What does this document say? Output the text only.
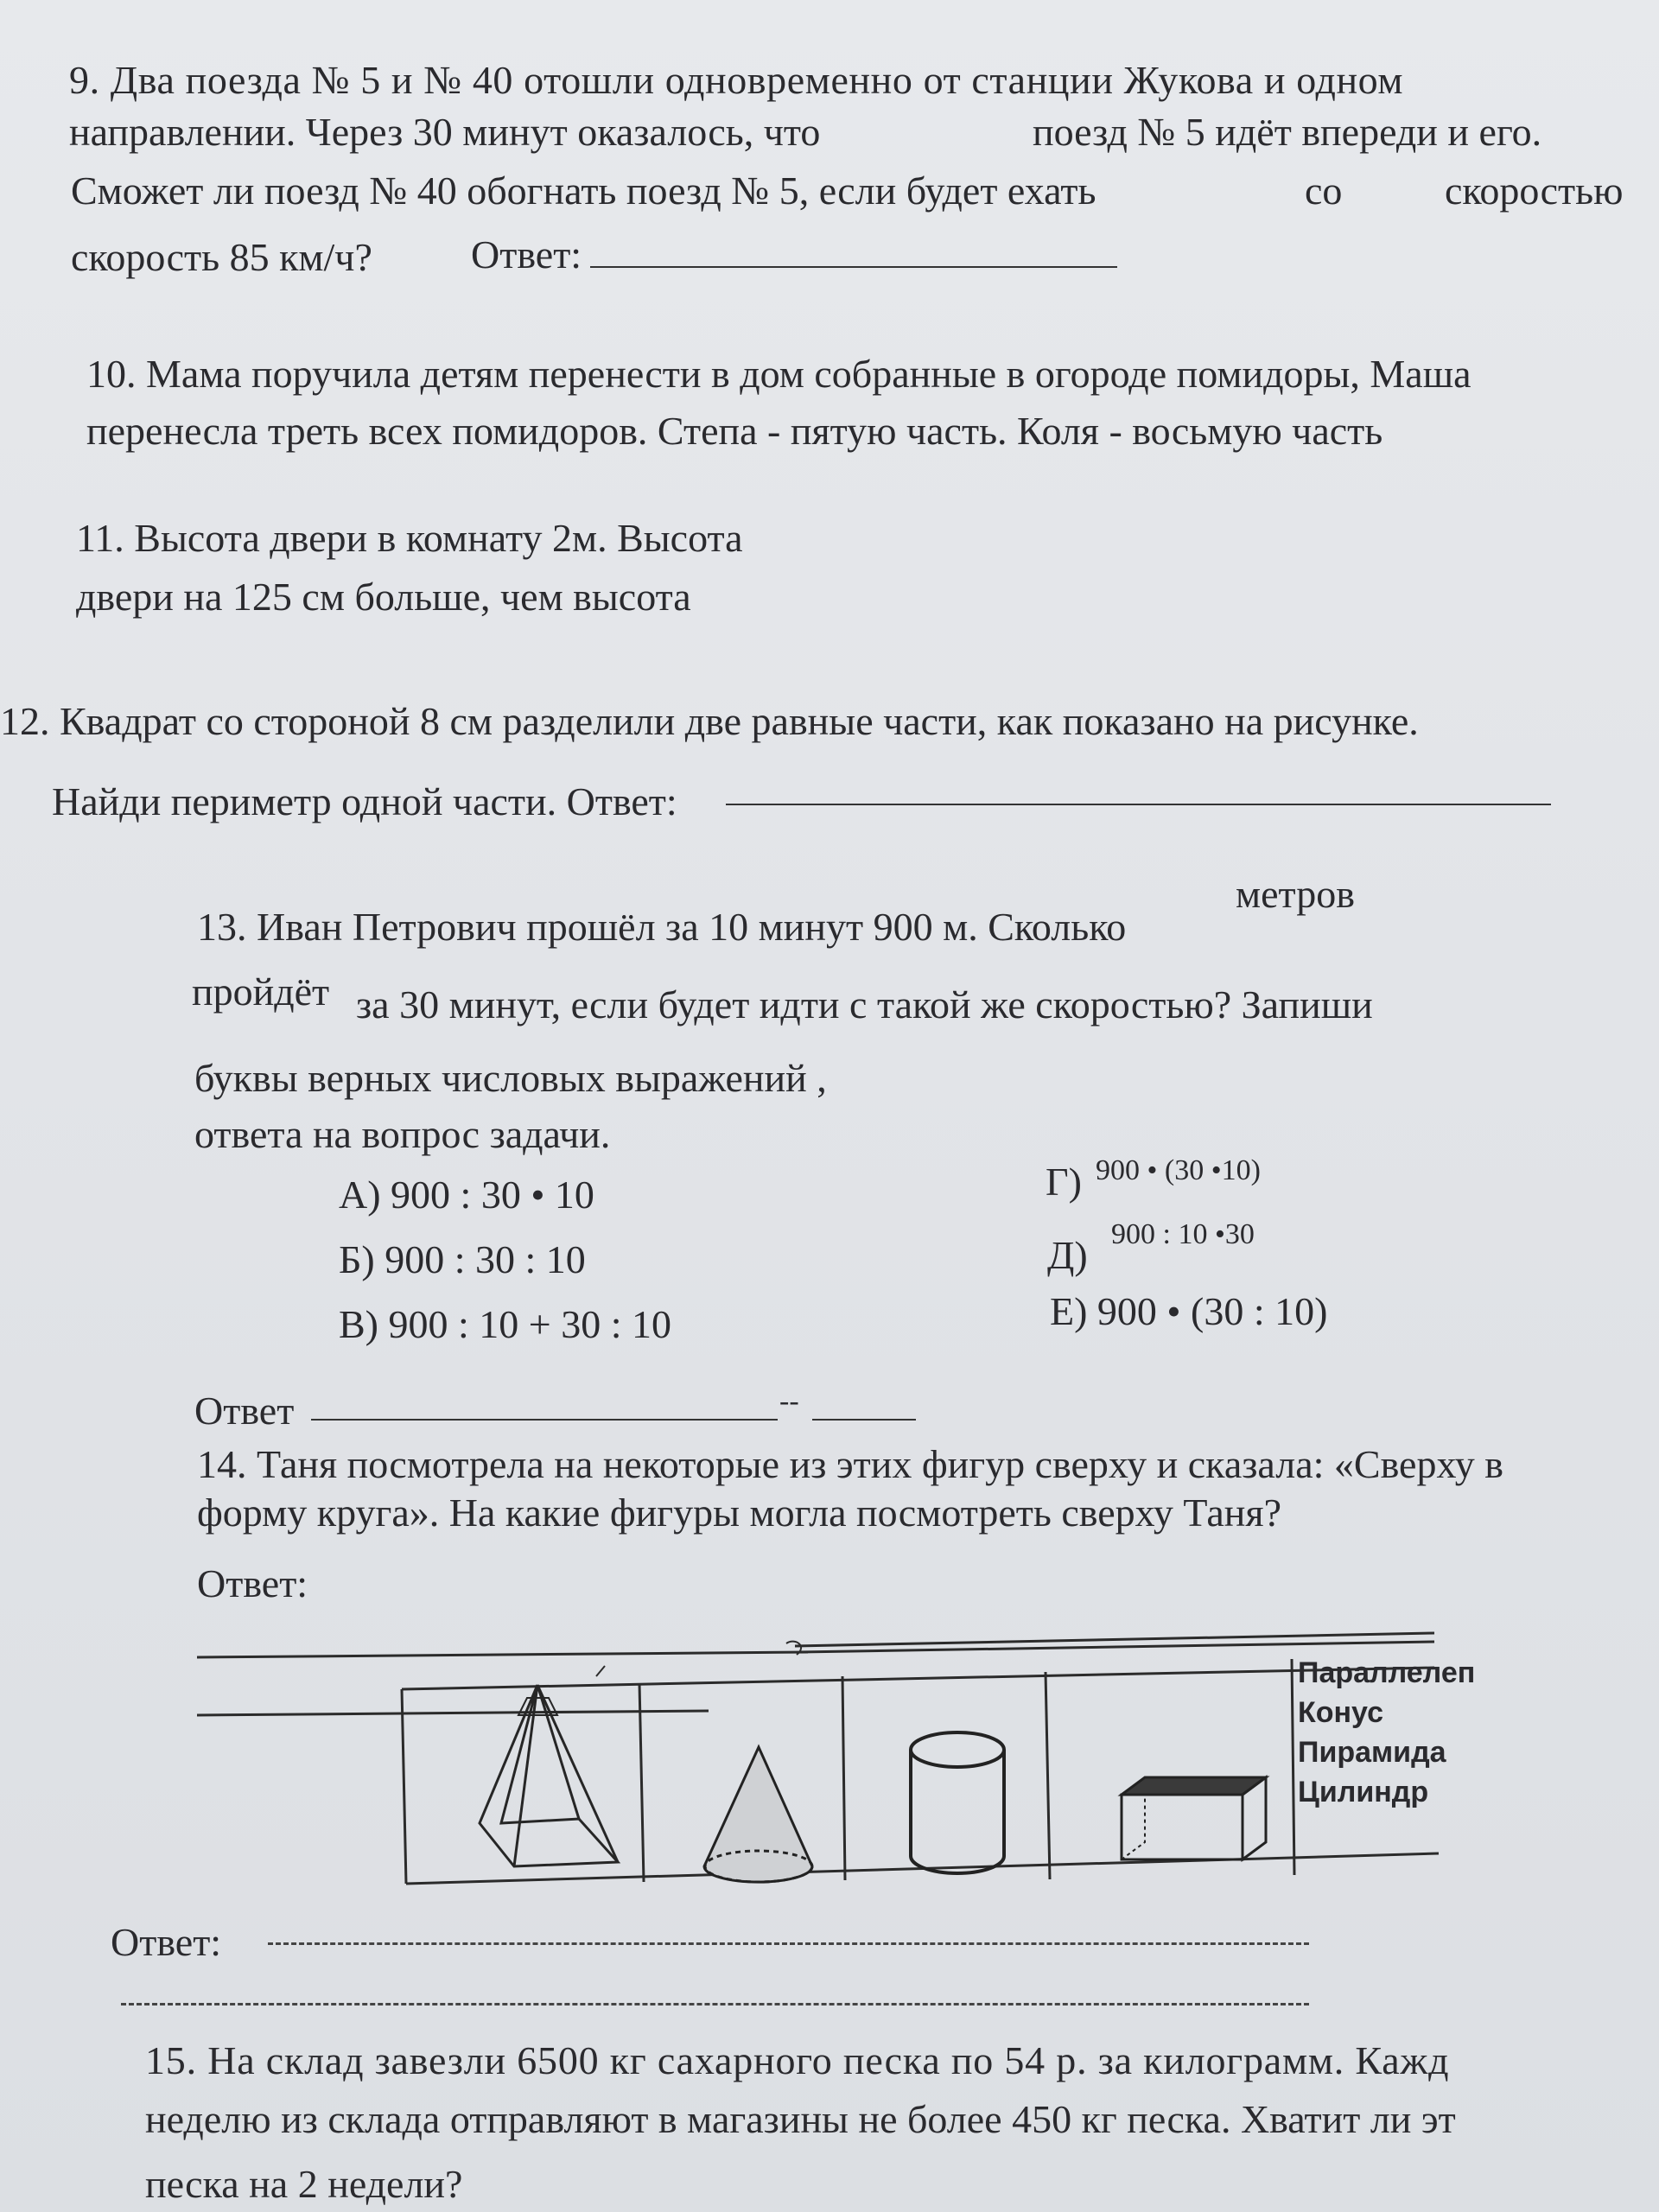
9. Два поезда № 5 и № 40 отошли одновременно от станции Жукова и одном
направлении. Через 30 минут оказалось, что	поезд № 5 идёт впереди и его.
Сможет ли поезд № 40 обогнать поезд № 5, если будет ехать	со	скоростью
скорость 85 км/ч? Ответ:
10. Мама поручила детям перенести в дом собранные в огороде помидоры, Маша
перенесла треть всех помидоров. Степа - пятую часть. Коля - восьмую часть
11. Высота двери в комнату 2м. Высота
двери на 125 см больше, чем высота
12. Квадрат со стороной 8 см разделили две равные части, как показано на рисунке.
Найди периметр одной части. Ответ:
13. Иван Петрович прошёл за 10 минут 900 м. Сколько
метров
пройдёт за 30 минут, если будет идти с такой же скоростью? Запиши
буквы верных числовых выражений ,
ответа на вопрос задачи.
А) 900 : 30 • 10
Б) 900 : 30 : 10
В) 900 : 10 + 30 : 10
Г) 900 • (30 •10)
Д) 900 : 10 •30
Е) 900 • (30 : 10)
Ответ	--
14. Таня посмотрела на некоторые из этих фигур сверху и сказала: «Сверху в
форму круга». На какие фигуры могла посмотреть сверху Таня?
Ответ:
Параллелеп
Конус
Пирамида
Цилиндр
Ответ:
15. На склад завезли 6500 кг сахарного песка по 54 р. за килограмм. Кажд
неделю из склада отправляют в магазины не более 450 кг песка. Хватит ли эт
песка на 2 недели?
